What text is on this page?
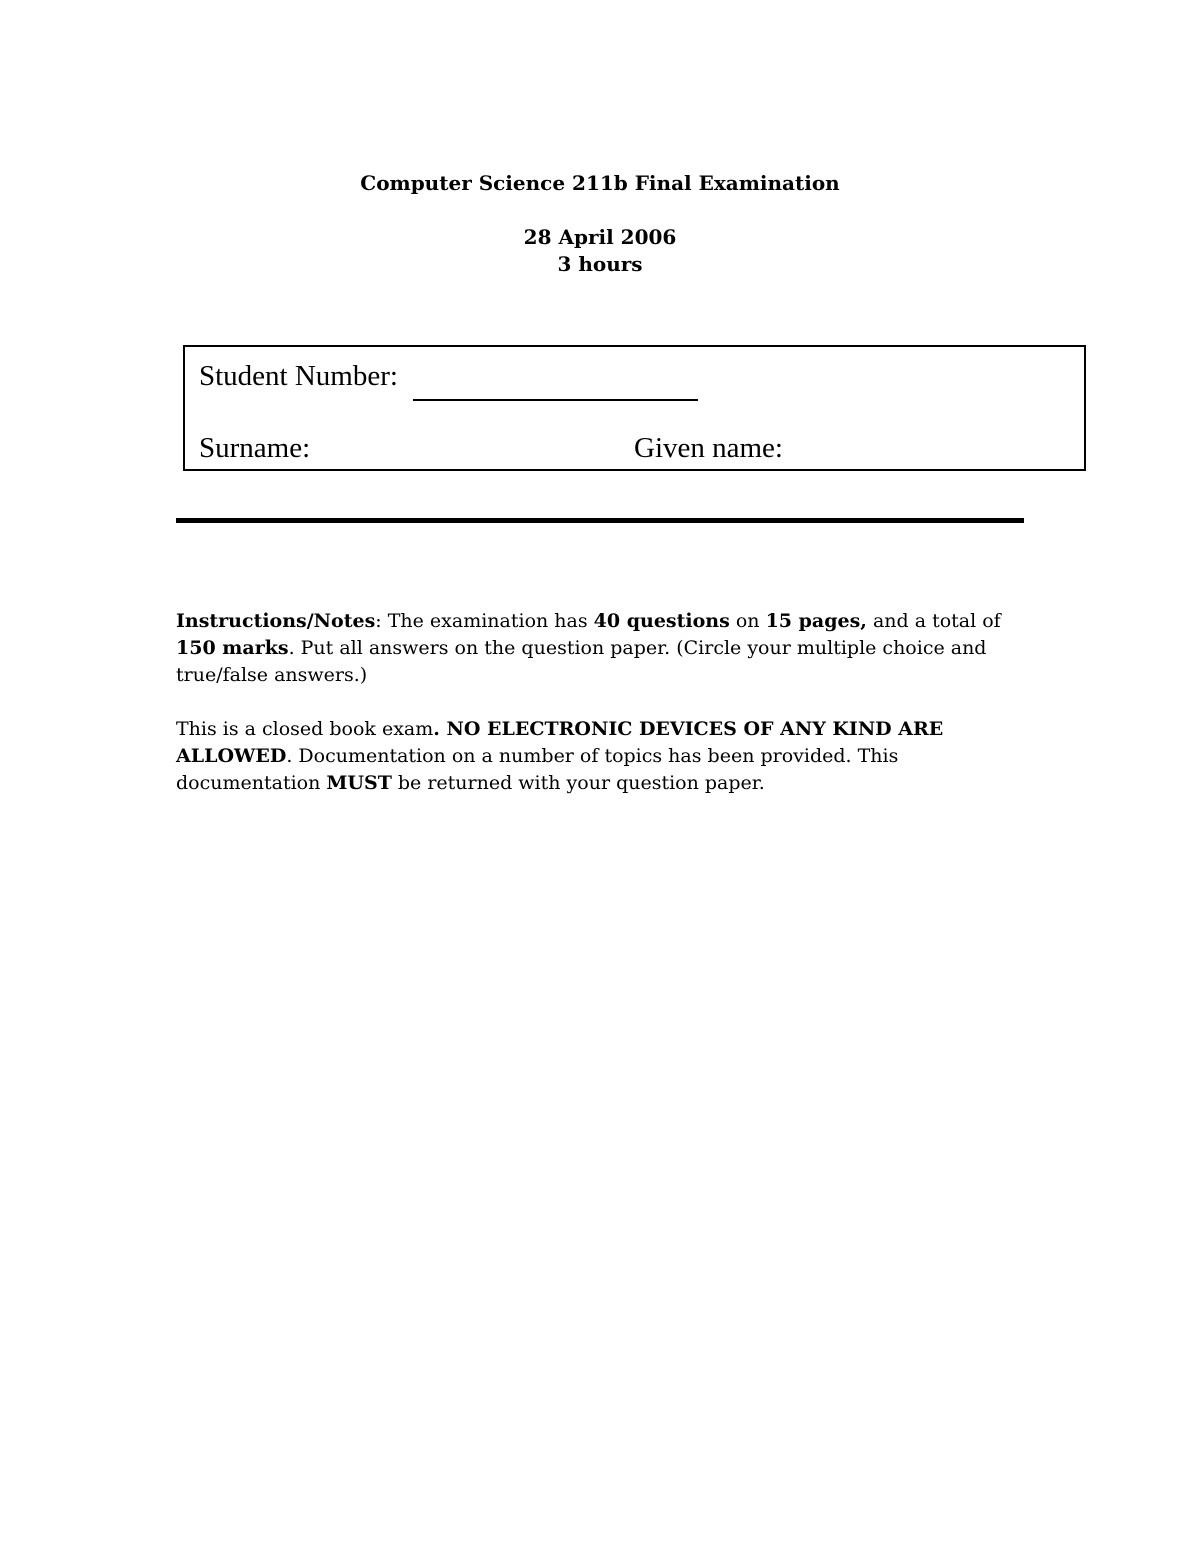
Computer Science 211b Final Examination
28 April 2006
3 hours
Student Number:
Surname:	Given name:

Instructions/Notes: The examination has 40 questions on 15 pages, and a total of 150 marks. Put all answers on the question paper. (Circle your multiple choice and true/false answers.)

This is a closed book exam. NO ELECTRONIC DEVICES OF ANY KIND ARE ALLOWED. Documentation on a number of topics has been provided. This documentation MUST be returned with your question paper.
